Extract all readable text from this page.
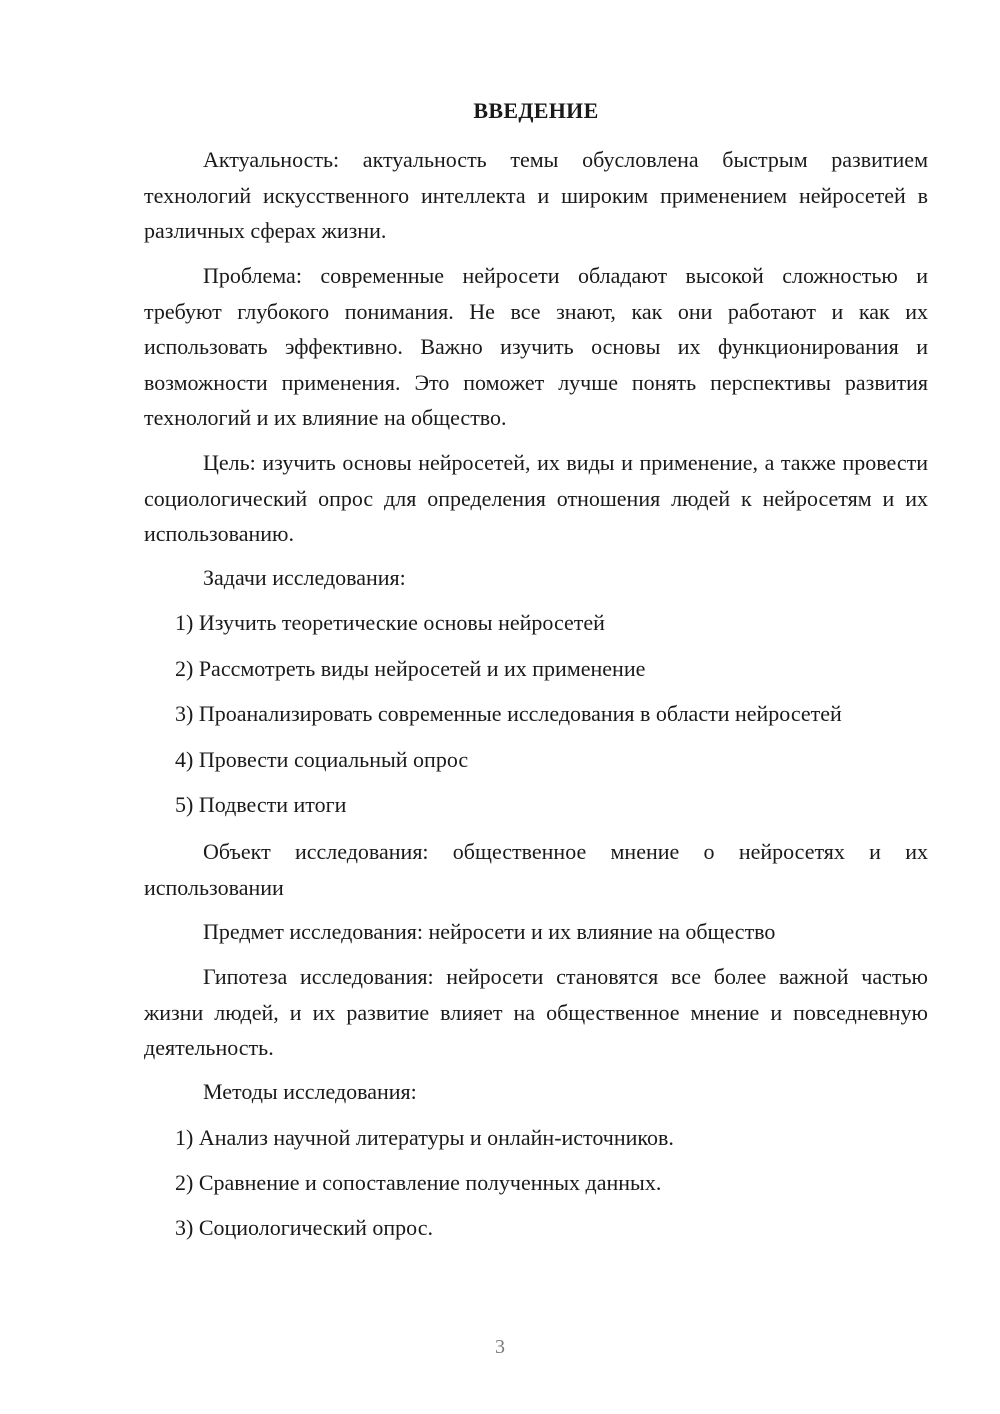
ВВЕДЕНИЕ

Актуальность: актуальность темы обусловлена быстрым развитием технологий искусственного интеллекта и широким применением нейросетей в различных сферах жизни.

Проблема: современные нейросети обладают высокой сложностью и требуют глубокого понимания. Не все знают, как они работают и как их использовать эффективно. Важно изучить основы их функционирования и возможности применения. Это поможет лучше понять перспективы развития технологий и их влияние на общество.

Цель: изучить основы нейросетей, их виды и применение, а также провести социологический опрос для определения отношения людей к нейросетям и их использованию.

Задачи исследования:

1) Изучить теоретические основы нейросетей

2) Рассмотреть виды нейросетей и их применение

3) Проанализировать современные исследования в области нейросетей

4) Провести социальный опрос

5) Подвести итоги

Объект исследования: общественное мнение о нейросетях и их использовании

Предмет исследования: нейросети и их влияние на общество

Гипотеза исследования: нейросети становятся все более важной частью жизни людей, и их развитие влияет на общественное мнение и повседневную деятельность.

Методы исследования:

1) Анализ научной литературы и онлайн-источников.

2) Сравнение и сопоставление полученных данных.

3) Социологический опрос.

3
